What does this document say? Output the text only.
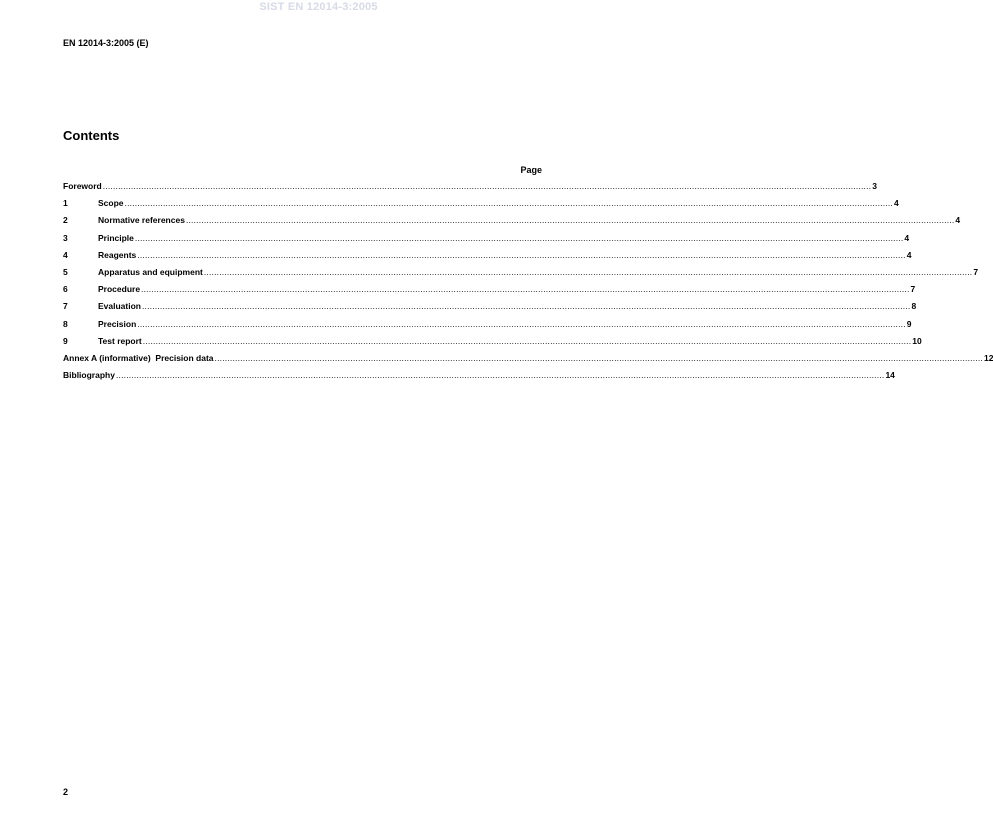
SIST EN 12014-3:2005
EN 12014-3:2005 (E)
Contents
Page
Foreword ............................................................................................................................................................................................................................................................................................................ 3
1	Scope ............................................................................................................................................................................................................................................................................................................ 4
2	Normative references ............................................................................................................................................................................................................................................................................................................ 4
3	Principle ............................................................................................................................................................................................................................................................................................................ 4
4	Reagents ............................................................................................................................................................................................................................................................................................................ 4
5	Apparatus and equipment ............................................................................................................................................................................................................................................................................................................ 7
6	Procedure ............................................................................................................................................................................................................................................................................................................ 7
7	Evaluation ............................................................................................................................................................................................................................................................................................................ 8
8	Precision ............................................................................................................................................................................................................................................................................................................ 9
9	Test report ............................................................................................................................................................................................................................................................................................................ 10
Annex A (informative)  Precision data ............................................................................................................................................................................................................................................................................................................ 12
Bibliography ............................................................................................................................................................................................................................................................................................................ 14
2
